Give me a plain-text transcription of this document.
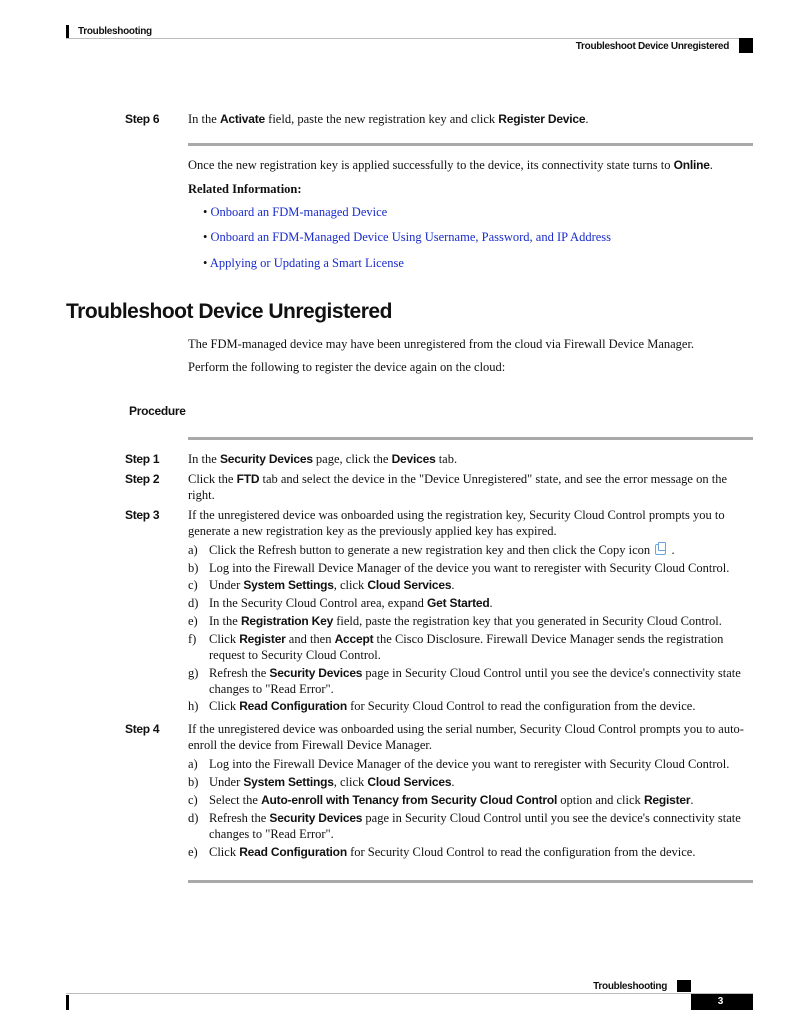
Troubleshooting
Troubleshoot Device Unregistered
Step 6 In the Activate field, paste the new registration key and click Register Device.
Once the new registration key is applied successfully to the device, its connectivity state turns to Online.
Related Information:
• Onboard an FDM-managed Device
• Onboard an FDM-Managed Device Using Username, Password, and IP Address
• Applying or Updating a Smart License
Troubleshoot Device Unregistered
The FDM-managed device may have been unregistered from the cloud via Firewall Device Manager.
Perform the following to register the device again on the cloud:
Procedure
Step 1 In the Security Devices page, click the Devices tab.
Step 2 Click the FTD tab and select the device in the "Device Unregistered" state, and see the error message on the right.
Step 3 If the unregistered device was onboarded using the registration key, Security Cloud Control prompts you to generate a new registration key as the previously applied key has expired.
a) Click the Refresh button to generate a new registration key and then click the Copy icon  .
b) Log into the Firewall Device Manager of the device you want to reregister with Security Cloud Control.
c) Under System Settings, click Cloud Services.
d) In the Security Cloud Control area, expand Get Started.
e) In the Registration Key field, paste the registration key that you generated in Security Cloud Control.
f) Click Register and then Accept the Cisco Disclosure. Firewall Device Manager sends the registration request to Security Cloud Control.
g) Refresh the Security Devices page in Security Cloud Control until you see the device's connectivity state changes to "Read Error".
h) Click Read Configuration for Security Cloud Control to read the configuration from the device.
Step 4 If the unregistered device was onboarded using the serial number, Security Cloud Control prompts you to auto-enroll the device from Firewall Device Manager.
a) Log into the Firewall Device Manager of the device you want to reregister with Security Cloud Control.
b) Under System Settings, click Cloud Services.
c) Select the Auto-enroll with Tenancy from Security Cloud Control option and click Register.
d) Refresh the Security Devices page in Security Cloud Control until you see the device's connectivity state changes to "Read Error".
e) Click Read Configuration for Security Cloud Control to read the configuration from the device.
Troubleshooting
3
